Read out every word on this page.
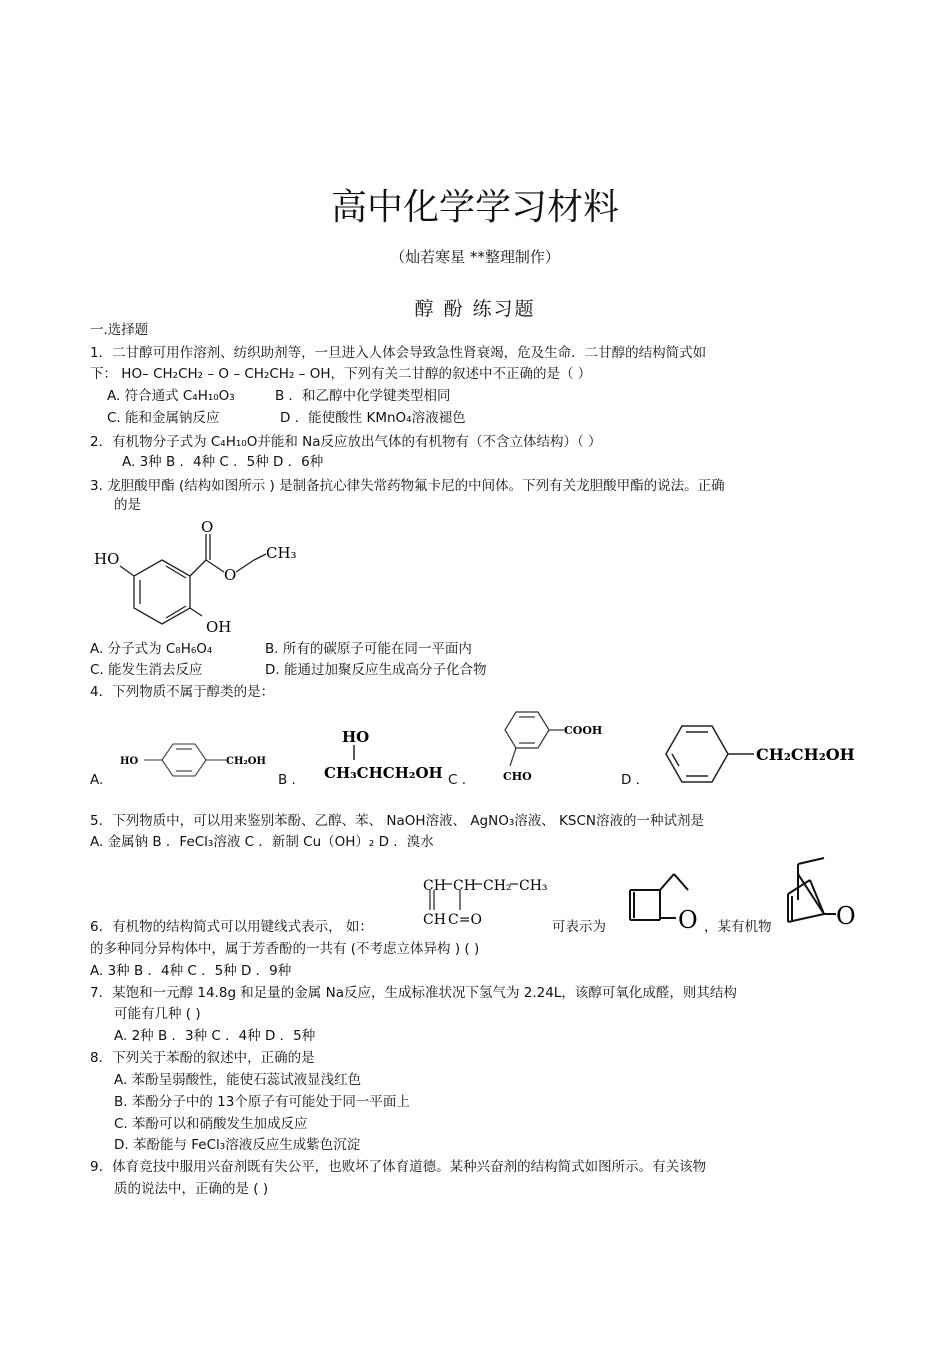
高中化学学习材料
（灿若寒星 **整理制作）
醇 酚 练习题
一.选择题
1．二甘醇可用作溶剂、纺织助剂等，一旦进入人体会导致急性肾衰竭，危及生命．二甘醇的结构简式如
下： HO– CH₂CH₂ – O – CH₂CH₂ – OH，下列有关二甘醇的叙述中不正确的是（ ）
A. 符合通式 C₄H₁₀O₃	B ．和乙醇中化学键类型相同
C. 能和金属钠反应	D ．能使酸性 KMnO₄溶液褪色
2．有机物分子式为 C₄H₁₀O并能和 Na反应放出气体的有机物有（不含立体结构）（ ）
A. 3种 B ．4种 C ．5种 D ．6种
3. 龙胆酸甲酯 (结构如图所示 ) 是制备抗心律失常药物氟卡尼的中间体。下列有关龙胆酸甲酯的说法。正确
的是
HO
OH
O
O
CH₃
A. 分子式为 C₈H₆O₄	B. 所有的碳原子可能在同一平面内
C. 能发生消去反应	D. 能通过加聚反应生成高分子化合物
4．下列物质不属于醇类的是：
A.
HO	CH₂OH
B .
HO
CH₃CHCH₂OH C .
COOH
CHO	D .
CH₂CH₂OH
5．下列物质中，可以用来鉴别苯酚、乙醇、苯、 NaOH溶液、 AgNO₃溶液、 KSCN溶液的一种试剂是
A. 金属钠 B ．FeCl₃溶液 C ．新制 Cu（OH）₂ D ．溴水
CH CH CH₂ CH₃
CH C=O	O	O
6．有机物的结构简式可以用键线式表示， 如：	可表示为	，某有机物
的多种同分异构体中，属于芳香酚的一共有 (不考虑立体异构 ) ( )
A. 3种 B ．4种 C ．5种 D ．9种
7．某饱和一元醇 14.8g 和足量的金属 Na反应，生成标准状况下氢气为 2.24L，该醇可氧化成醛，则其结构
可能有几种 ( )
A. 2种 B ．3种 C ．4种 D ．5种
8．下列关于苯酚的叙述中，正确的是
A. 苯酚呈弱酸性，能使石蕊试液显浅红色
B. 苯酚分子中的 13个原子有可能处于同一平面上
C. 苯酚可以和硝酸发生加成反应
D. 苯酚能与 FeCl₃溶液反应生成紫色沉淀
9．体育竞技中服用兴奋剂既有失公平，也败坏了体育道德。某种兴奋剂的结构简式如图所示。有关该物
质的说法中，正确的是 ( )
